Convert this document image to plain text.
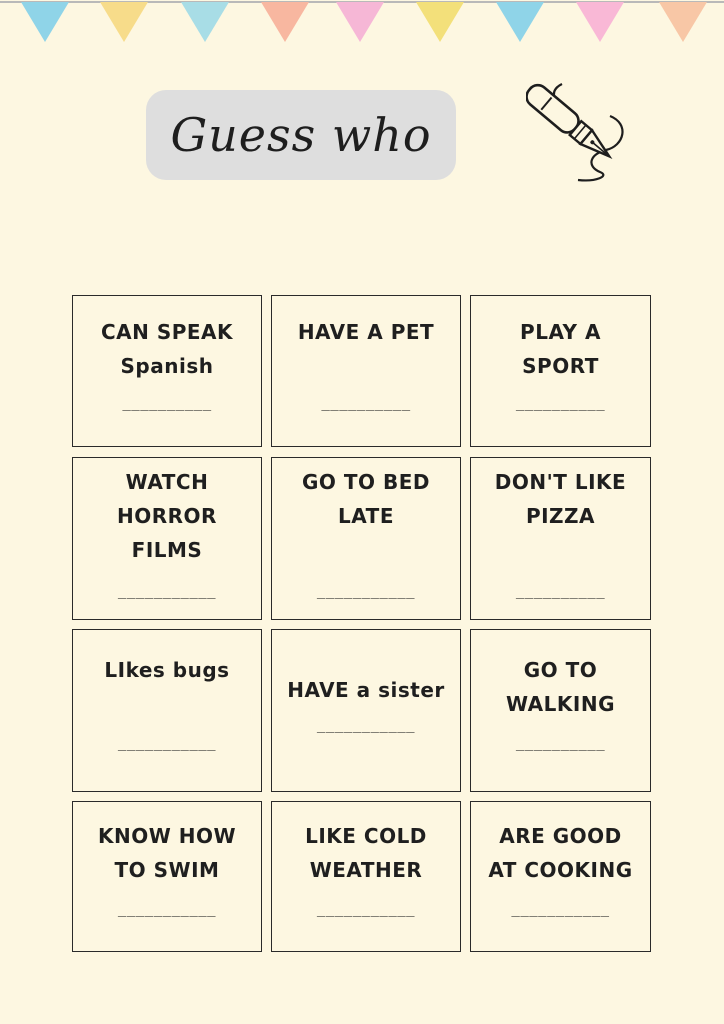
Guess who
CAN SPEAK
Spanish
__________
HAVE A PET
__________
PLAY A
SPORT
__________
WATCH
HORROR
FILMS
___________
GO TO BED
LATE
___________
DON'T LIKE
PIZZA
__________
LIkes bugs
___________
HAVE a sister
___________
GO TO
WALKING
__________
KNOW HOW
TO SWIM
___________
LIKE COLD
WEATHER
___________
ARE GOOD
AT COOKING
___________
